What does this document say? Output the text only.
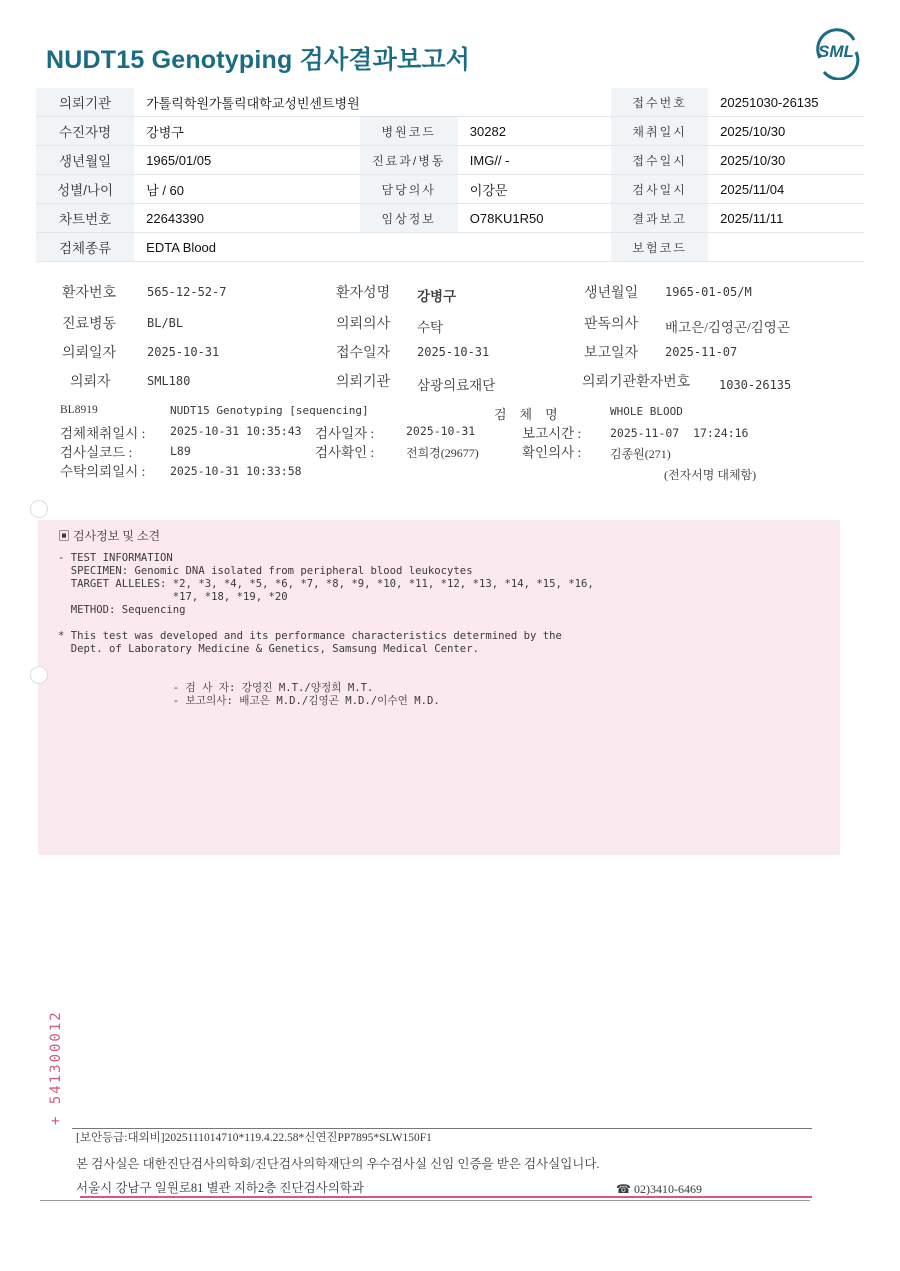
NUDT15 Genotyping 검사결과보고서	SML
의뢰기관	가톨릭학원가톨릭대학교성빈센트병원			접수번호	20251030-26135
수진자명	강병구	병원코드	30282	채취일시	2025/10/30
생년월일	1965/01/05	진료과/병동	IMG// -	접수일시	2025/10/30
성별/나이	남 / 60	담당의사	이강문	검사일시	2025/11/04
차트번호	22643390	임상정보	O78KU1R50	결과보고	2025/11/11
검체종류	EDTA Blood			보험코드	
환자번호	565-12-52-7	환자성명 강병구	생년월일 1965-01-05/M
진료병동	BL/BL	의뢰의사 수탁	판독의사 배고은/김영곤/김영곤
의뢰일자	2025-10-31	접수일자 2025-10-31	보고일자 2025-11-07
의뢰자	SML180	의뢰기관 삼광의료재단	의뢰기관환자번호 1030-26135
BL8919	NUDT15 Genotyping [sequencing]	검    체    명	WHOLE BLOOD
검체채취일시 : 2025-10-31 10:35:43 검사일자 :	2025-10-31	보고시간 : 2025-11-07  17:24:16
검사실코드 :	L89	검사확인 :	전희경(29677)	확인의사 : 김종원(271)
수탁의뢰일시 : 2025-10-31 10:33:58	(전자서명 대체함)
▣ 검사정보 및 소견
- TEST INFORMATION
SPECIMEN: Genomic DNA isolated from peripheral blood leukocytes
TARGET ALLELES: *2, *3, *4, *5, *6, *7, *8, *9, *10, *11, *12, *13, *14, *15, *16,
*17, *18, *19, *20
METHOD: Sequencing
* This test was developed and its performance characteristics determined by the
Dept. of Laboratory Medicine & Genetics, Samsung Medical Center.
- 검 사 자: 강영진 M.T./양정희 M.T.
- 보고의사: 배고은 M.D./김영곤 M.D./이수연 M.D.
+ 541300012
[보안등급:대외비]2025111014710*119.4.22.58*신연진PP7895*SLW150F1
본 검사실은 대한진단검사의학회/진단검사의학재단의 우수검사실 신임 인증을 받은 검사실입니다.
서울시 강남구 일원로81 별관 지하2층 진단검사의학과	☎ 02)3410-6469
